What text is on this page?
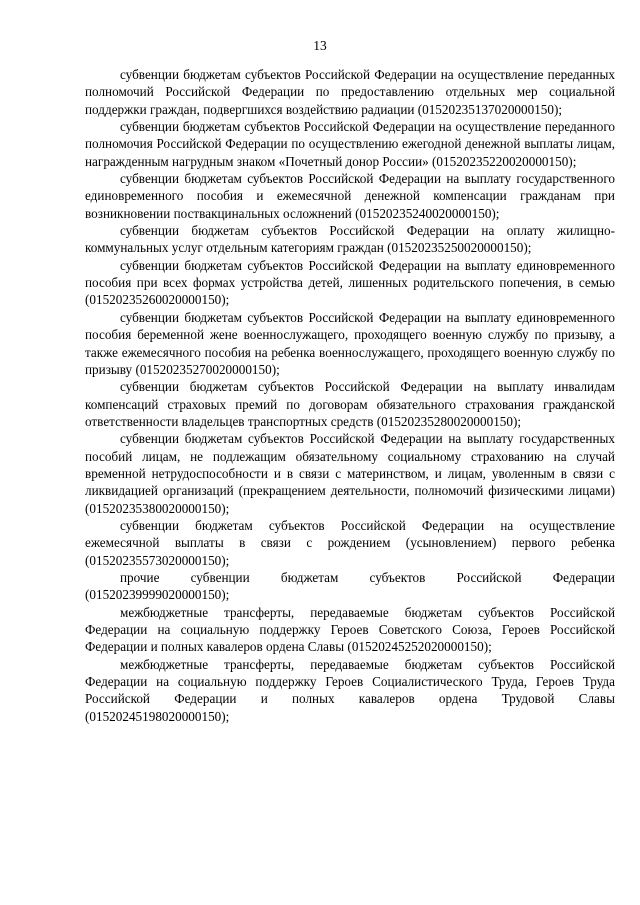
13

субвенции бюджетам субъектов Российской Федерации на осуществление переданных полномочий Российской Федерации по предоставлению отдельных мер социальной поддержки граждан, подвергшихся воздействию радиации (01520235137020000150);

субвенции бюджетам субъектов Российской Федерации на осуществление переданного полномочия Российской Федерации по осуществлению ежегодной денежной выплаты лицам, награжденным нагрудным знаком «Почетный донор России» (01520235220020000150);

субвенции бюджетам субъектов Российской Федерации на выплату государственного единовременного пособия и ежемесячной денежной компенсации гражданам при возникновении поствакцинальных осложнений (01520235240020000150);

субвенции бюджетам субъектов Российской Федерации на оплату жилищно-коммунальных услуг отдельным категориям граждан (01520235250020000150);

субвенции бюджетам субъектов Российской Федерации на выплату единовременного пособия при всех формах устройства детей, лишенных родительского попечения, в семью (01520235260020000150);

субвенции бюджетам субъектов Российской Федерации на выплату единовременного пособия беременной жене военнослужащего, проходящего военную службу по призыву, а также ежемесячного пособия на ребенка военнослужащего, проходящего военную службу по призыву (01520235270020000150);

субвенции бюджетам субъектов Российской Федерации на выплату инвалидам компенсаций страховых премий по договорам обязательного страхования гражданской ответственности владельцев транспортных средств (01520235280020000150);

субвенции бюджетам субъектов Российской Федерации на выплату государственных пособий лицам, не подлежащим обязательному социальному страхованию на случай временной нетрудоспособности и в связи с материнством, и лицам, уволенным в связи с ликвидацией организаций (прекращением деятельности, полномочий физическими лицами) (01520235380020000150);

субвенции бюджетам субъектов Российской Федерации на осуществление ежемесячной выплаты в связи с рождением (усыновлением) первого ребенка (01520235573020000150);

прочие субвенции бюджетам субъектов Российской Федерации (01520239999020000150);

межбюджетные трансферты, передаваемые бюджетам субъектов Российской Федерации на социальную поддержку Героев Советского Союза, Героев Российской Федерации и полных кавалеров ордена Славы (01520245252020000150);

межбюджетные трансферты, передаваемые бюджетам субъектов Российской Федерации на социальную поддержку Героев Социалистического Труда, Героев Труда Российской Федерации и полных кавалеров ордена Трудовой Славы (01520245198020000150);
